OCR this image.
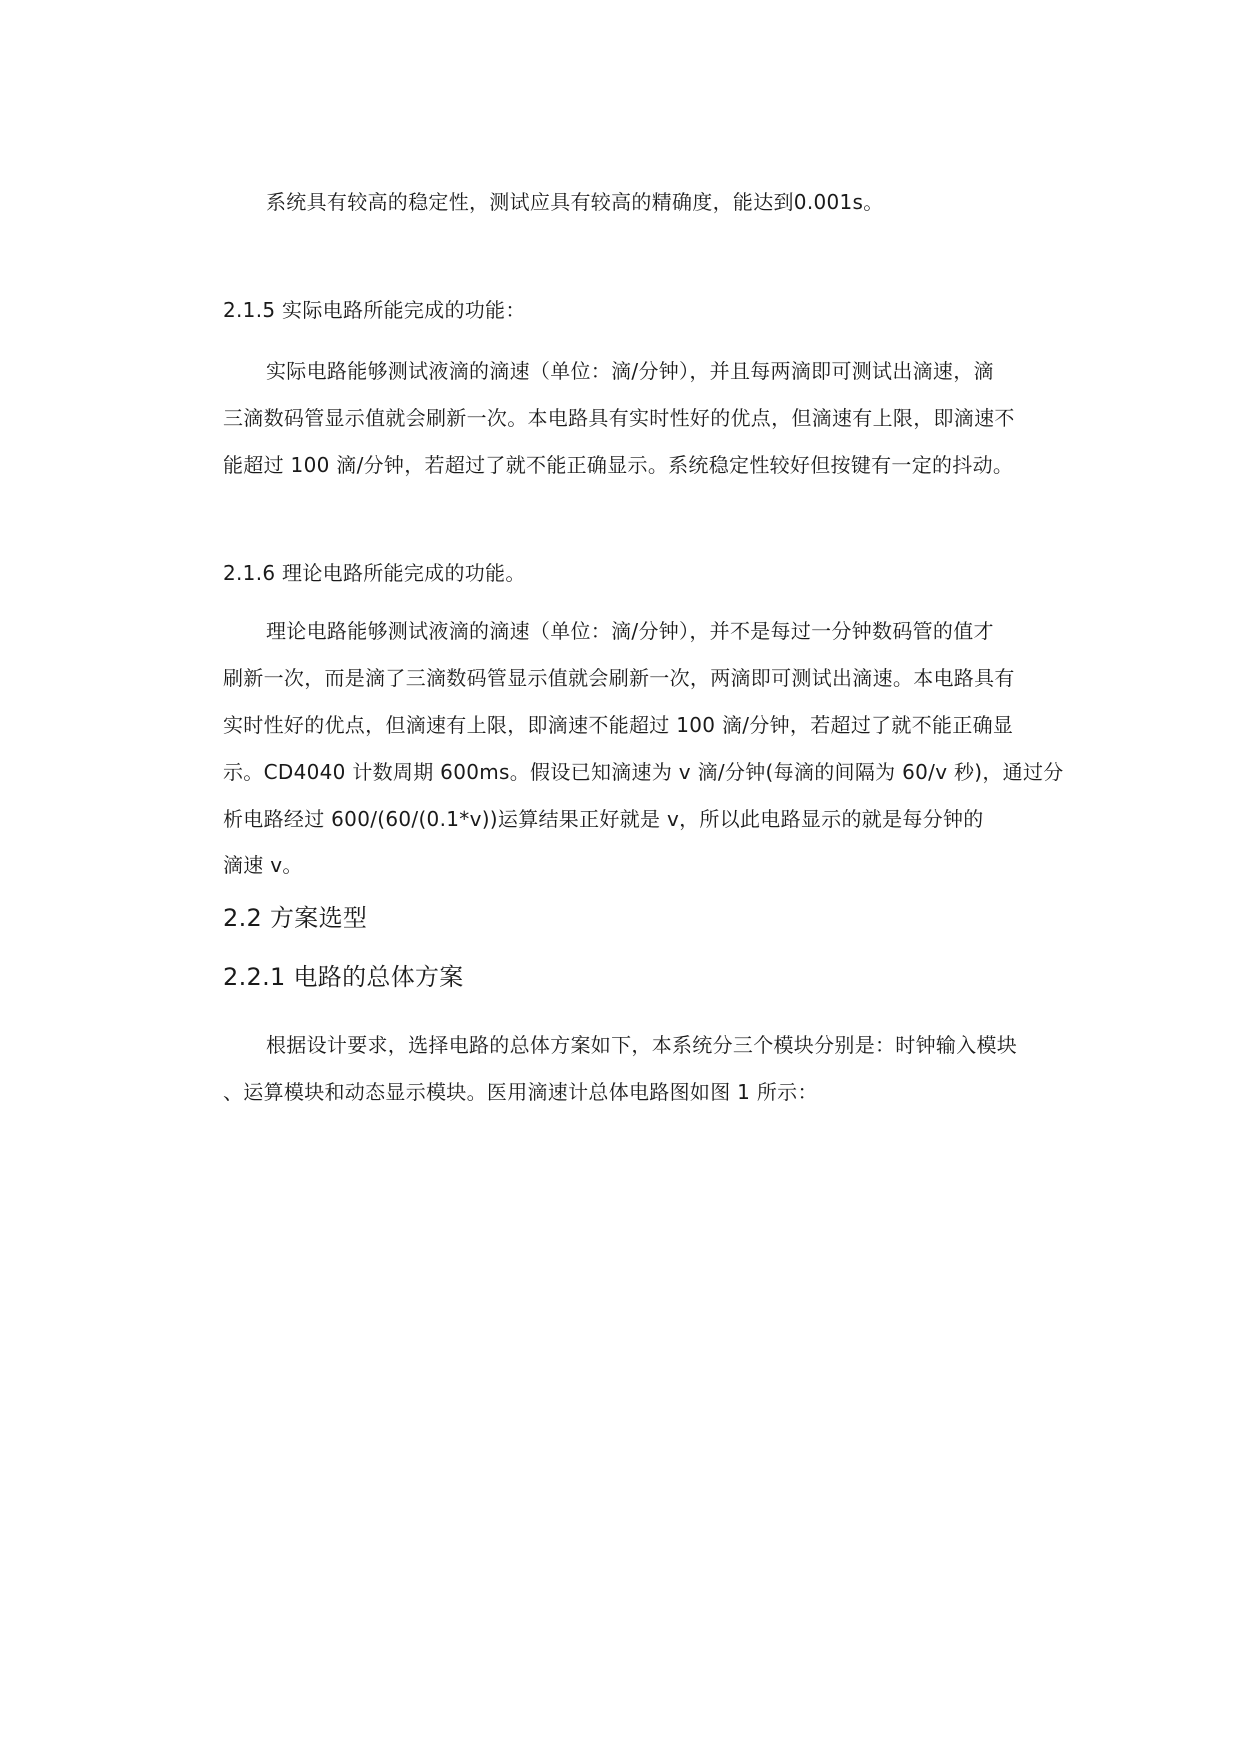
系统具有较高的稳定性，测试应具有较高的精确度，能达到0.001s。
2.1.5 实际电路所能完成的功能：
实际电路能够测试液滴的滴速（单位：滴/分钟），并且每两滴即可测试出滴速，滴
三滴数码管显示值就会刷新一次。本电路具有实时性好的优点，但滴速有上限，即滴速不
能超过 100 滴/分钟，若超过了就不能正确显示。系统稳定性较好但按键有一定的抖动。
2.1.6 理论电路所能完成的功能。
理论电路能够测试液滴的滴速（单位：滴/分钟），并不是每过一分钟数码管的值才
刷新一次，而是滴了三滴数码管显示值就会刷新一次，两滴即可测试出滴速。本电路具有
实时性好的优点，但滴速有上限，即滴速不能超过 100 滴/分钟，若超过了就不能正确显
示。CD4040 计数周期 600ms。假设已知滴速为 v 滴/分钟(每滴的间隔为 60/v 秒)，通过分
析电路经过 600/(60/(0.1*v))运算结果正好就是 v，所以此电路显示的就是每分钟的
滴速 v。
2.2 方案选型
2.2.1 电路的总体方案
根据设计要求，选择电路的总体方案如下，本系统分三个模块分别是：时钟输入模块
、运算模块和动态显示模块。医用滴速计总体电路图如图 1 所示：
